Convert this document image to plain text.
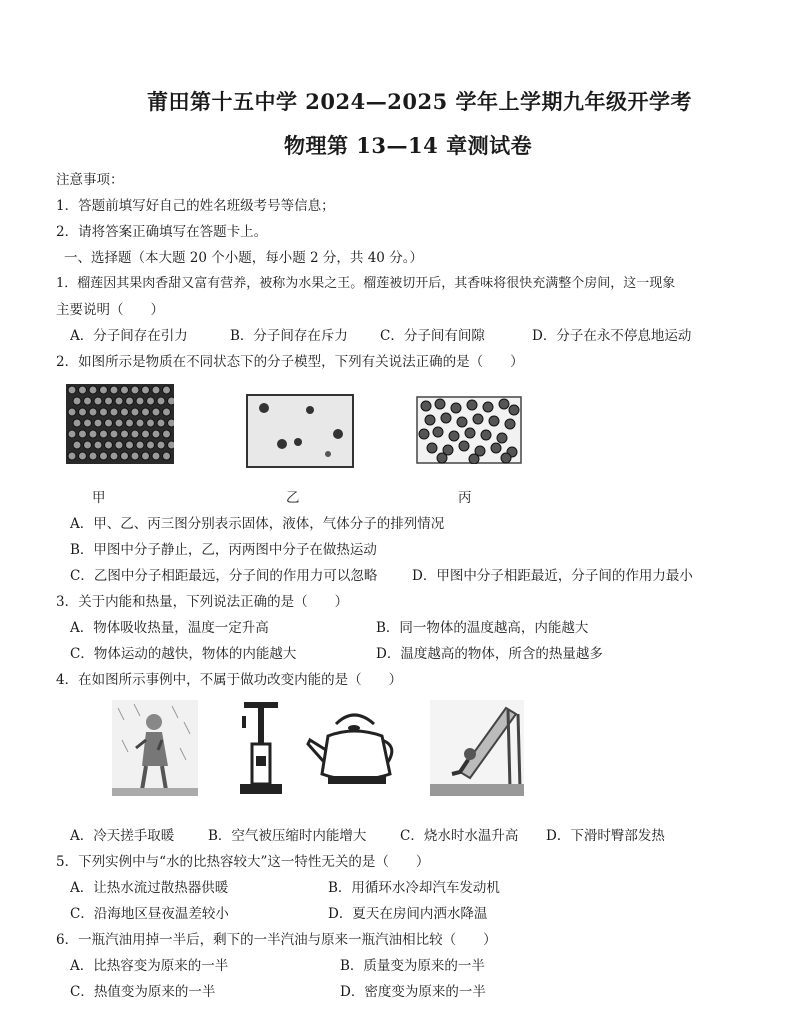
莆田第十五中学 2024—2025 学年上学期九年级开学考
物理第 13—14 章测试卷
注意事项：
1．答题前填写好自己的姓名班级考号等信息；
2．请将答案正确填写在答题卡上。
一、选择题（本大题 20 个小题，每小题 2 分，共 40 分。）
1．榴莲因其果肉香甜又富有营养，被称为水果之王。榴莲被切开后，其香味将很快充满整个房间，这一现象
主要说明（　　）
A．分子间存在引力	B．分子间存在斥力 C．分子间有间隙	D．分子在永不停息地运动
2．如图所示是物质在不同状态下的分子模型，下列有关说法正确的是（　　）
甲	乙	丙
A．甲、乙、丙三图分别表示固体，液体，气体分子的排列情况
B．甲图中分子静止，乙，丙两图中分子在做热运动
C．乙图中分子相距最远，分子间的作用力可以忽略	D．甲图中分子相距最近，分子间的作用力最小
3．关于内能和热量，下列说法正确的是（　　）
A．物体吸收热量，温度一定升高	B．同一物体的温度越高，内能越大
C．物体运动的越快，物体的内能越大	D．温度越高的物体，所含的热量越多
4．在如图所示事例中，不属于做功改变内能的是（　　）
A．冷天搓手取暖	B．空气被压缩时内能增大 C．烧水时水温升高 D．下滑时臀部发热
5．下列实例中与“水的比热容较大”这一特性无关的是（　　）
A．让热水流过散热器供暖	B．用循环水冷却汽车发动机
C．沿海地区昼夜温差较小	D．夏天在房间内洒水降温
6．一瓶汽油用掉一半后，剩下的一半汽油与原来一瓶汽油相比较（　　）
A．比热容变为原来的一半	B．质量变为原来的一半
C．热值变为原来的一半	D．密度变为原来的一半
